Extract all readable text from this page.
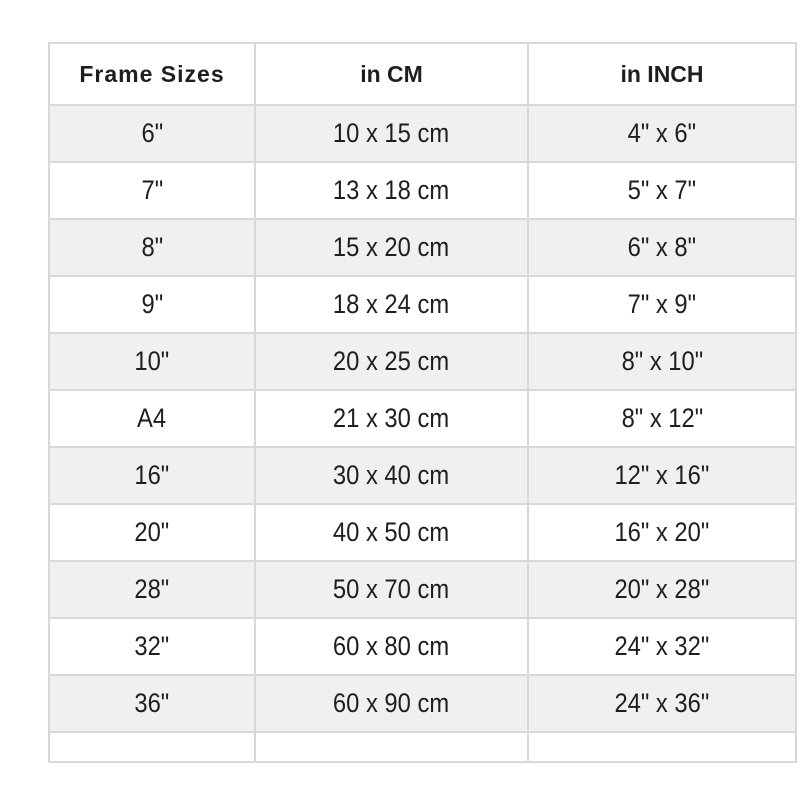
Frame Sizes	in CM	in INCH
6"	10 x 15 cm	4" x 6"
7"	13 x 18 cm	5" x 7"
8"	15 x 20 cm	6" x 8"
9"	18 x 24 cm	7" x 9"
10"	20 x 25 cm	8" x 10"
A4	21 x 30 cm	8" x 12"
16"	30 x 40 cm	12" x 16"
20"	40 x 50 cm	16" x 20"
28"	50 x 70 cm	20" x 28"
32"	60 x 80 cm	24" x 32"
36"	60 x 90 cm	24" x 36"
